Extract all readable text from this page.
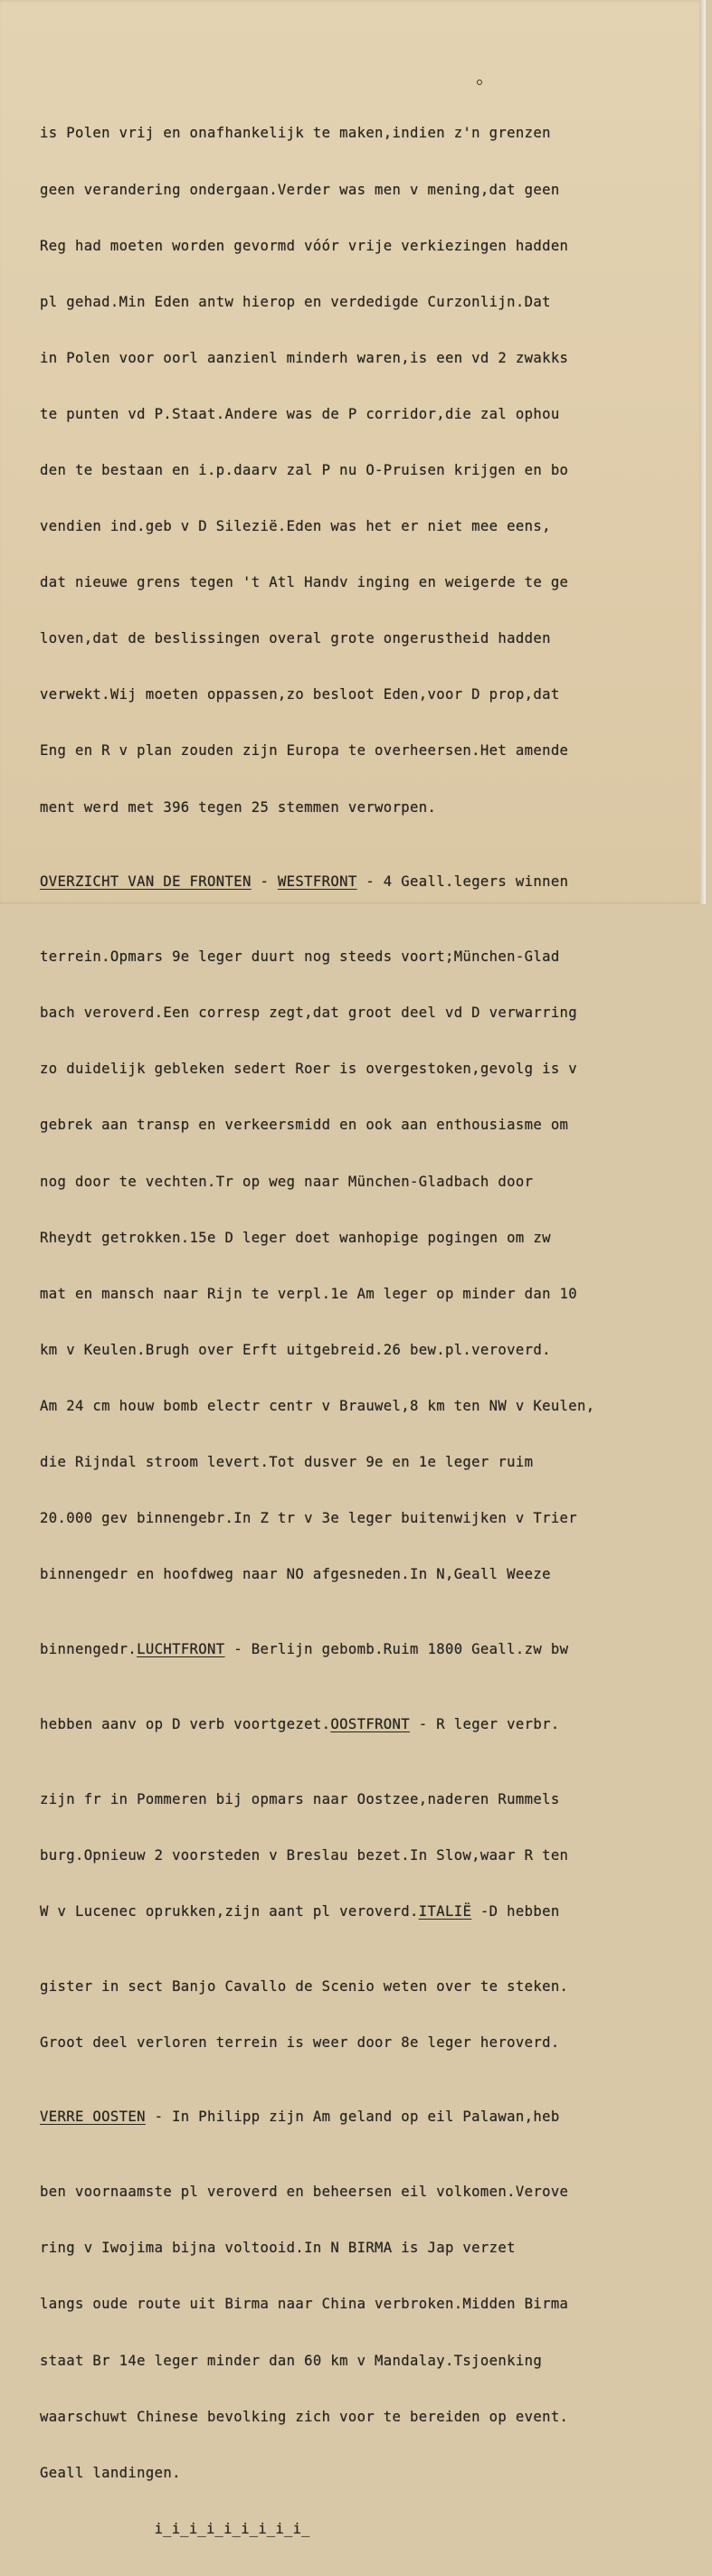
is Polen vrij en onafhankelijk te maken,indien z'n grenzen

geen verandering ondergaan.Verder was men v mening,dat geen

Reg had moeten worden gevormd vóór vrije verkiezingen hadden

pl gehad.Min Eden antw hierop en verdedigde Curzonlijn.Dat

in Polen voor oorl aanzienl minderh waren,is een vd 2 zwakks

te punten vd P.Staat.Andere was de P corridor,die zal ophou

den te bestaan en i.p.daarv zal P nu O-Pruisen krijgen en bo

vendien ind.geb v D Silezië.Eden was het er niet mee eens,

dat nieuwe grens tegen 't Atl Handv inging en weigerde te ge

loven,dat de beslissingen overal grote ongerustheid hadden

verwekt.Wij moeten oppassen,zo besloot Eden,voor D prop,dat

Eng en R v plan zouden zijn Europa te overheersen.Het amende

ment werd met 396 tegen 25 stemmen verworpen.

OVERZICHT VAN DE FRONTEN - WESTFRONT - 4 Geall.legers winnen

terrein.Opmars 9e leger duurt nog steeds voort;München-Glad

bach veroverd.Een corresp zegt,dat groot deel vd D verwarring

zo duidelijk gebleken sedert Roer is overgestoken,gevolg is v

gebrek aan transp en verkeersmidd en ook aan enthousiasme om

nog door te vechten.Tr op weg naar München-Gladbach door

Rheydt getrokken.15e D leger doet wanhopige pogingen om zw

mat en mansch naar Rijn te verpl.1e Am leger op minder dan 10

km v Keulen.Brugh over Erft uitgebreid.26 bew.pl.veroverd.

Am 24 cm houw bomb electr centr v Brauwel,8 km ten NW v Keulen,

die Rijndal stroom levert.Tot dusver 9e en 1e leger ruim

20.000 gev binnengebr.In Z tr v 3e leger buitenwijken v Trier

binnengedr en hoofdweg naar NO afgesneden.In N,Geall Weeze

binnengedr.LUCHTFRONT - Berlijn gebomb.Ruim 1800 Geall.zw bw

hebben aanv op D verb voortgezet.OOSTFRONT - R leger verbr.

zijn fr in Pommeren bij opmars naar Oostzee,naderen Rummels

burg.Opnieuw 2 voorsteden v Breslau bezet.In Slow,waar R ten

W v Lucenec oprukken,zijn aant pl veroverd.ITALIË -D hebben

gister in sect Banjo Cavallo de Scenio weten over te steken.

Groot deel verloren terrein is weer door 8e leger heroverd.

VERRE OOSTEN - In Philipp zijn Am geland op eil Palawan,heb

ben voornaamste pl veroverd en beheersen eil volkomen.Verove

ring v Iwojima bijna voltooid.In N BIRMA is Jap verzet

langs oude route uit Birma naar China verbroken.Midden Birma

staat Br 14e leger minder dan 60 km v Mandalay.Tsjoenking

waarschuwt Chinese bevolking zich voor te bereiden op event.

Geall landingen.

i̲i̲i̲i̲i̲i̲i̲i̲i̲
